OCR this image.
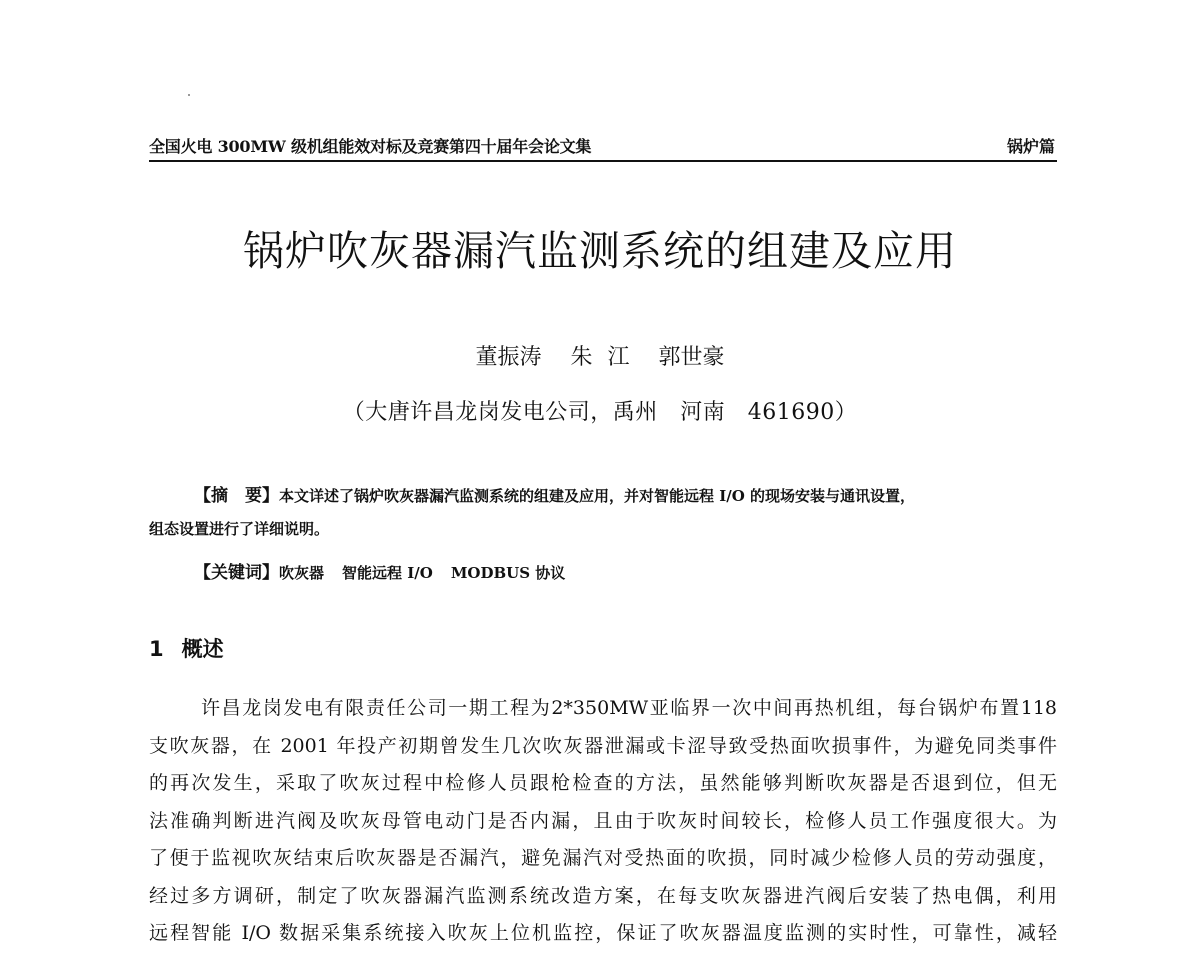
全国火电 300MW 级机组能效对标及竞赛第四十届年会论文集	锅炉篇
锅炉吹灰器漏汽监测系统的组建及应用
董振涛 朱 江 郭世豪
（大唐许昌龙岗发电公司，禹州　河南　461690）

【摘　要】本文详述了锅炉吹灰器漏汽监测系统的组建及应用，并对智能远程 I/O 的现场安装与通讯设置，

组态设置进行了详细说明。

【关键词】吹灰器 智能远程 I/O MODBUS 协议
1 概述
许昌龙岗发电有限责任公司一期工程为2*350MW亚临界一次中间再热机组，每台锅炉布置118
支吹灰器，在 2001 年投产初期曾发生几次吹灰器泄漏或卡涩导致受热面吹损事件，为避免同类事件
的再次发生，采取了吹灰过程中检修人员跟枪检查的方法，虽然能够判断吹灰器是否退到位，但无
法准确判断进汽阀及吹灰母管电动门是否内漏，且由于吹灰时间较长，检修人员工作强度很大。为
了便于监视吹灰结束后吹灰器是否漏汽，避免漏汽对受热面的吹损，同时减少检修人员的劳动强度，
经过多方调研，制定了吹灰器漏汽监测系统改造方案，在每支吹灰器进汽阀后安装了热电偶，利用
远程智能 I/O 数据采集系统接入吹灰上位机监控，保证了吹灰器温度监测的实时性，可靠性，减轻
